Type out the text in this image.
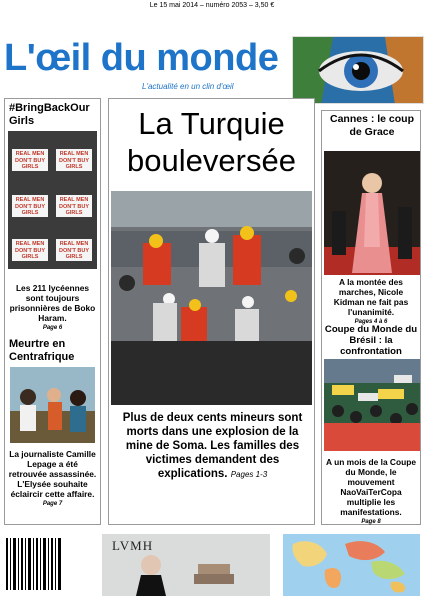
Le 15 mai 2014 – numéro 2053 – 3,50 €
L'œil du monde
L'actualité en un clin d'œil
#BringBackOur Girls
REAL MEN DON'T BUY GIRLS
REAL MEN DON'T BUY GIRLS
REAL MEN DON'T BUY GIRLS
REAL MEN DON'T BUY GIRLS
REAL MEN DON'T BUY GIRLS
REAL MEN DON'T BUY GIRLS
Les 211 lycéennes sont toujours prisonnières de Boko Haram.
Page 6
Meurtre en Centrafrique
La journaliste Camille Lepage a été retrouvée assassinée. L'Elysée souhaite éclaircir cette affaire.
Page 7
La Turquie bouleversée
Plus de deux cents mineurs sont morts dans une explosion de la mine de Soma. Les familles des victimes demandent des explications. Pages 1-3
Cannes : le coup de Grace
A la montée des marches, Nicole Kidman ne fait pas l'unanimité.
Pages 4 à 6
Coupe du Monde du Brésil : la confrontation
A un mois de la Coupe du Monde, le mouvement NaoVaiTerCopa multiplie les manifestations.
Page 8
LVMH
